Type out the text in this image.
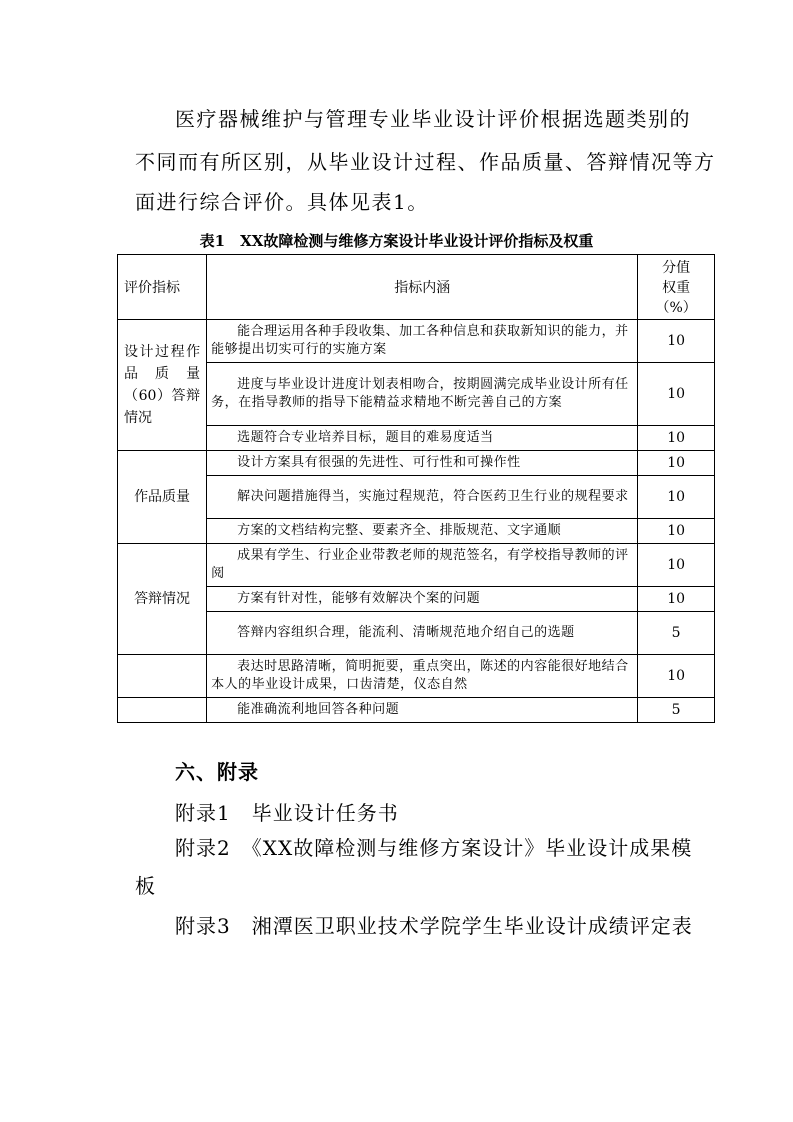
医疗器械维护与管理专业毕业设计评价根据选题类别的

不同而有所区别，从毕业设计过程、作品质量、答辩情况等方

面进行综合评价。具体见表1。

表1　XX故障检测与维修方案设计毕业设计评价指标及权重
评价指标	指标内涵	分值
权重
（%）

设计过程作品质量（60）答辩情况	能合理运用各种手段收集、加工各种信息和获取新知识的能力，并能够提出切实可行的实施方案	10
	进度与毕业设计进度计划表相吻合，按期圆满完成毕业设计所有任务，在指导教师的指导下能精益求精地不断完善自己的方案	10
	选题符合专业培养目标，题目的难易度适当	10
作品质量	设计方案具有很强的先进性、可行性和可操作性	10
	解决问题措施得当，实施过程规范，符合医药卫生行业的规程要求	10
	方案的文档结构完整、要素齐全、排版规范、文字通顺	10
答辩情况	成果有学生、行业企业带教老师的规范签名，有学校指导教师的评阅	10
	方案有针对性，能够有效解决个案的问题	10
	答辩内容组织合理，能流利、清晰规范地介绍自己的选题	5
	表达时思路清晰，简明扼要，重点突出，陈述的内容能很好地结合本人的毕业设计成果，口齿清楚，仪态自然	10
	能准确流利地回答各种问题	5
六、附录

附录1　毕业设计任务书

附录2　《XX故障检测与维修方案设计》毕业设计成果模

板

附录3　湘潭医卫职业技术学院学生毕业设计成绩评定表
